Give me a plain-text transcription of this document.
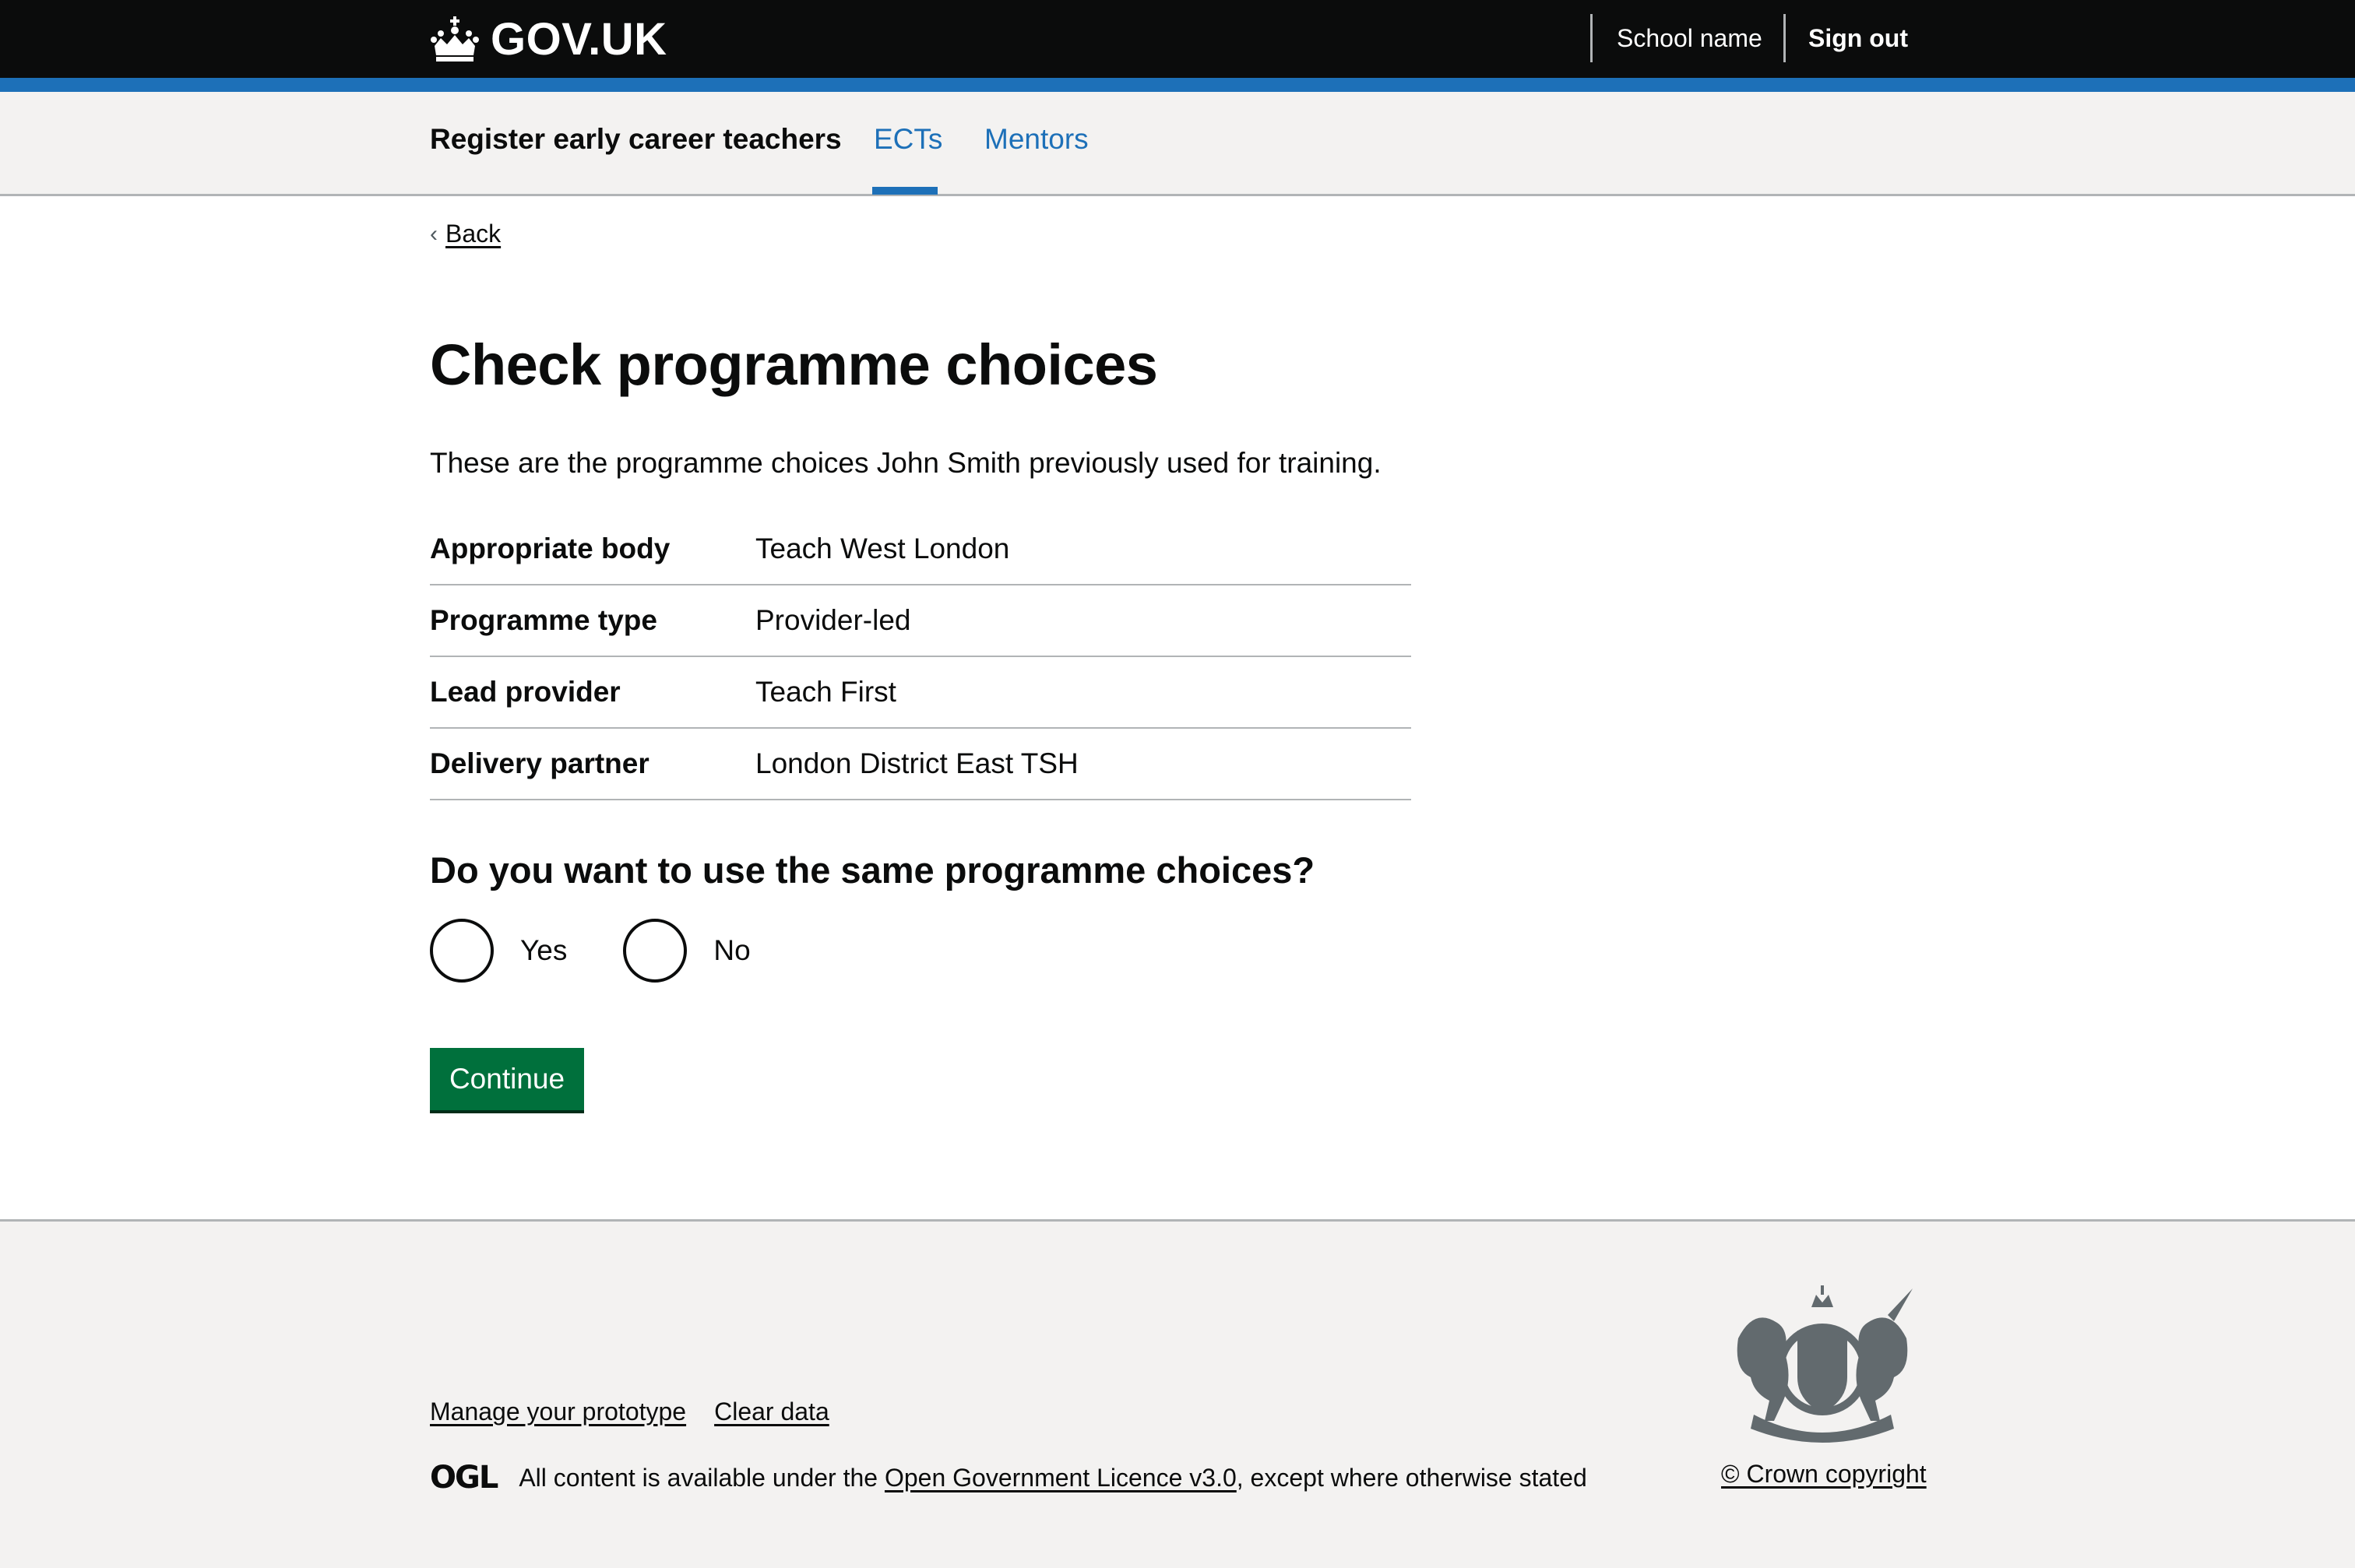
GOV.UK	School name Sign out
Register early career teachers ECTs Mentors
‹ Back
Check programme choices

These are the programme choices John Smith previously used for training.

Appropriate body	Teach West London
Programme type	Provider-led
Lead provider	Teach First
Delivery partner	London District East TSH
Do you want to use the same programme choices?
Yes	No
Continue
Manage your prototype Clear data
OGL All content is available under the
Open Government Licence v3.0 , except where otherwise stated	© Crown copyright
